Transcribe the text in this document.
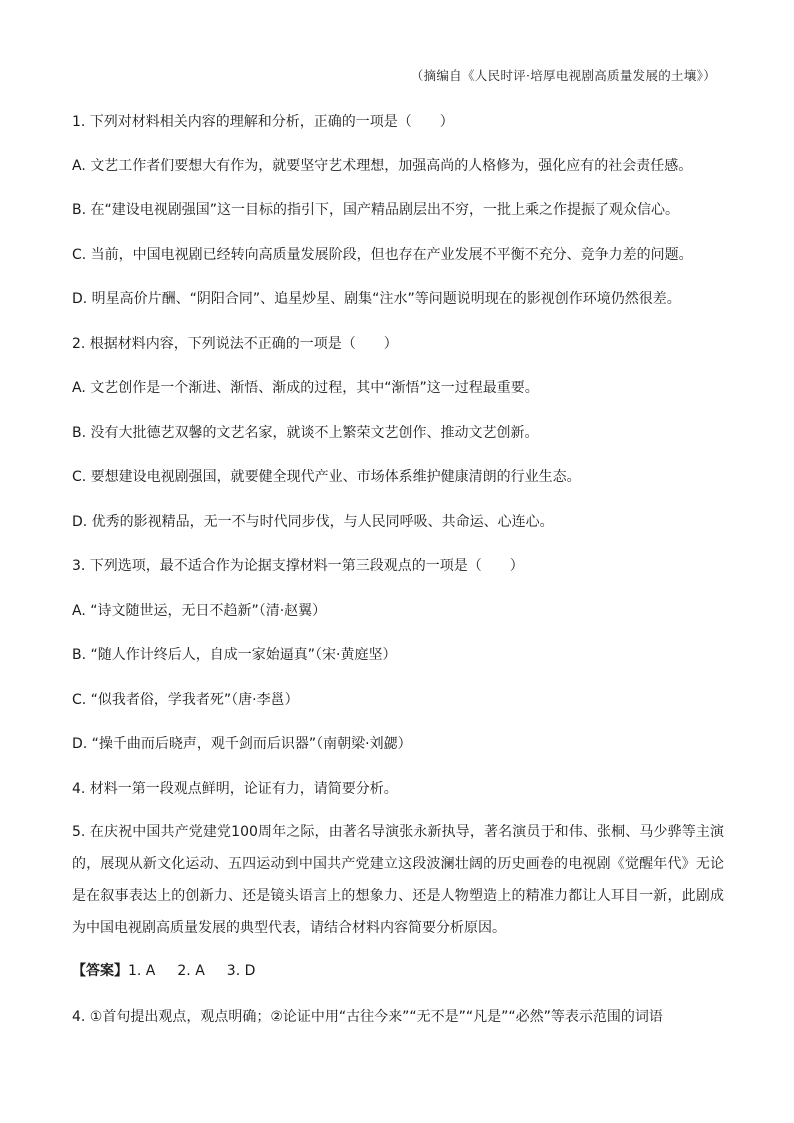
（摘编自《人民时评·培厚电视剧高质量发展的土壤》）
1. 下列对材料相关内容的理解和分析，正确的一项是（　　）
A. 文艺工作者们要想大有作为，就要坚守艺术理想，加强高尚的人格修为，强化应有的社会责任感。
B. 在“建设电视剧强国”这一目标的指引下，国产精品剧层出不穷，一批上乘之作提振了观众信心。
C. 当前，中国电视剧已经转向高质量发展阶段，但也存在产业发展不平衡不充分、竞争力差的问题。
D. 明星高价片酬、“阴阳合同”、追星炒星、剧集“注水”等问题说明现在的影视创作环境仍然很差。
2. 根据材料内容，下列说法不正确的一项是（　　）
A. 文艺创作是一个渐进、渐悟、渐成的过程，其中“渐悟”这一过程最重要。
B. 没有大批德艺双馨的文艺名家，就谈不上繁荣文艺创作、推动文艺创新。
C. 要想建设电视剧强国，就要健全现代产业、市场体系维护健康清朗的行业生态。
D. 优秀的影视精品，无一不与时代同步伐，与人民同呼吸、共命运、心连心。
3. 下列选项，最不适合作为论据支撑材料一第三段观点的一项是（　　）
A. “诗文随世运，无日不趋新”（清·赵翼）
B. “随人作计终后人，自成一家始逼真”（宋·黄庭坚）
C. “似我者俗，学我者死”（唐·李邕）
D. “操千曲而后晓声，观千剑而后识器”（南朝梁·刘勰）
4. 材料一第一段观点鲜明，论证有力，请简要分析。
5. 在庆祝中国共产党建党100周年之际，由著名导演张永新执导，著名演员于和伟、张桐、马少骅等主演的，展现从新文化运动、五四运动到中国共产党建立这段波澜壮阔的历史画卷的电视剧《觉醒年代》无论是在叙事表达上的创新力、还是镜头语言上的想象力、还是人物塑造上的精准力都让人耳目一新，此剧成为中国电视剧高质量发展的典型代表，请结合材料内容简要分析原因。
【答案】1. A 2. A 3. D
4. ①首句提出观点，观点明确；②论证中用“古往今来”“无不是”“凡是”“必然”等表示范围的词语
